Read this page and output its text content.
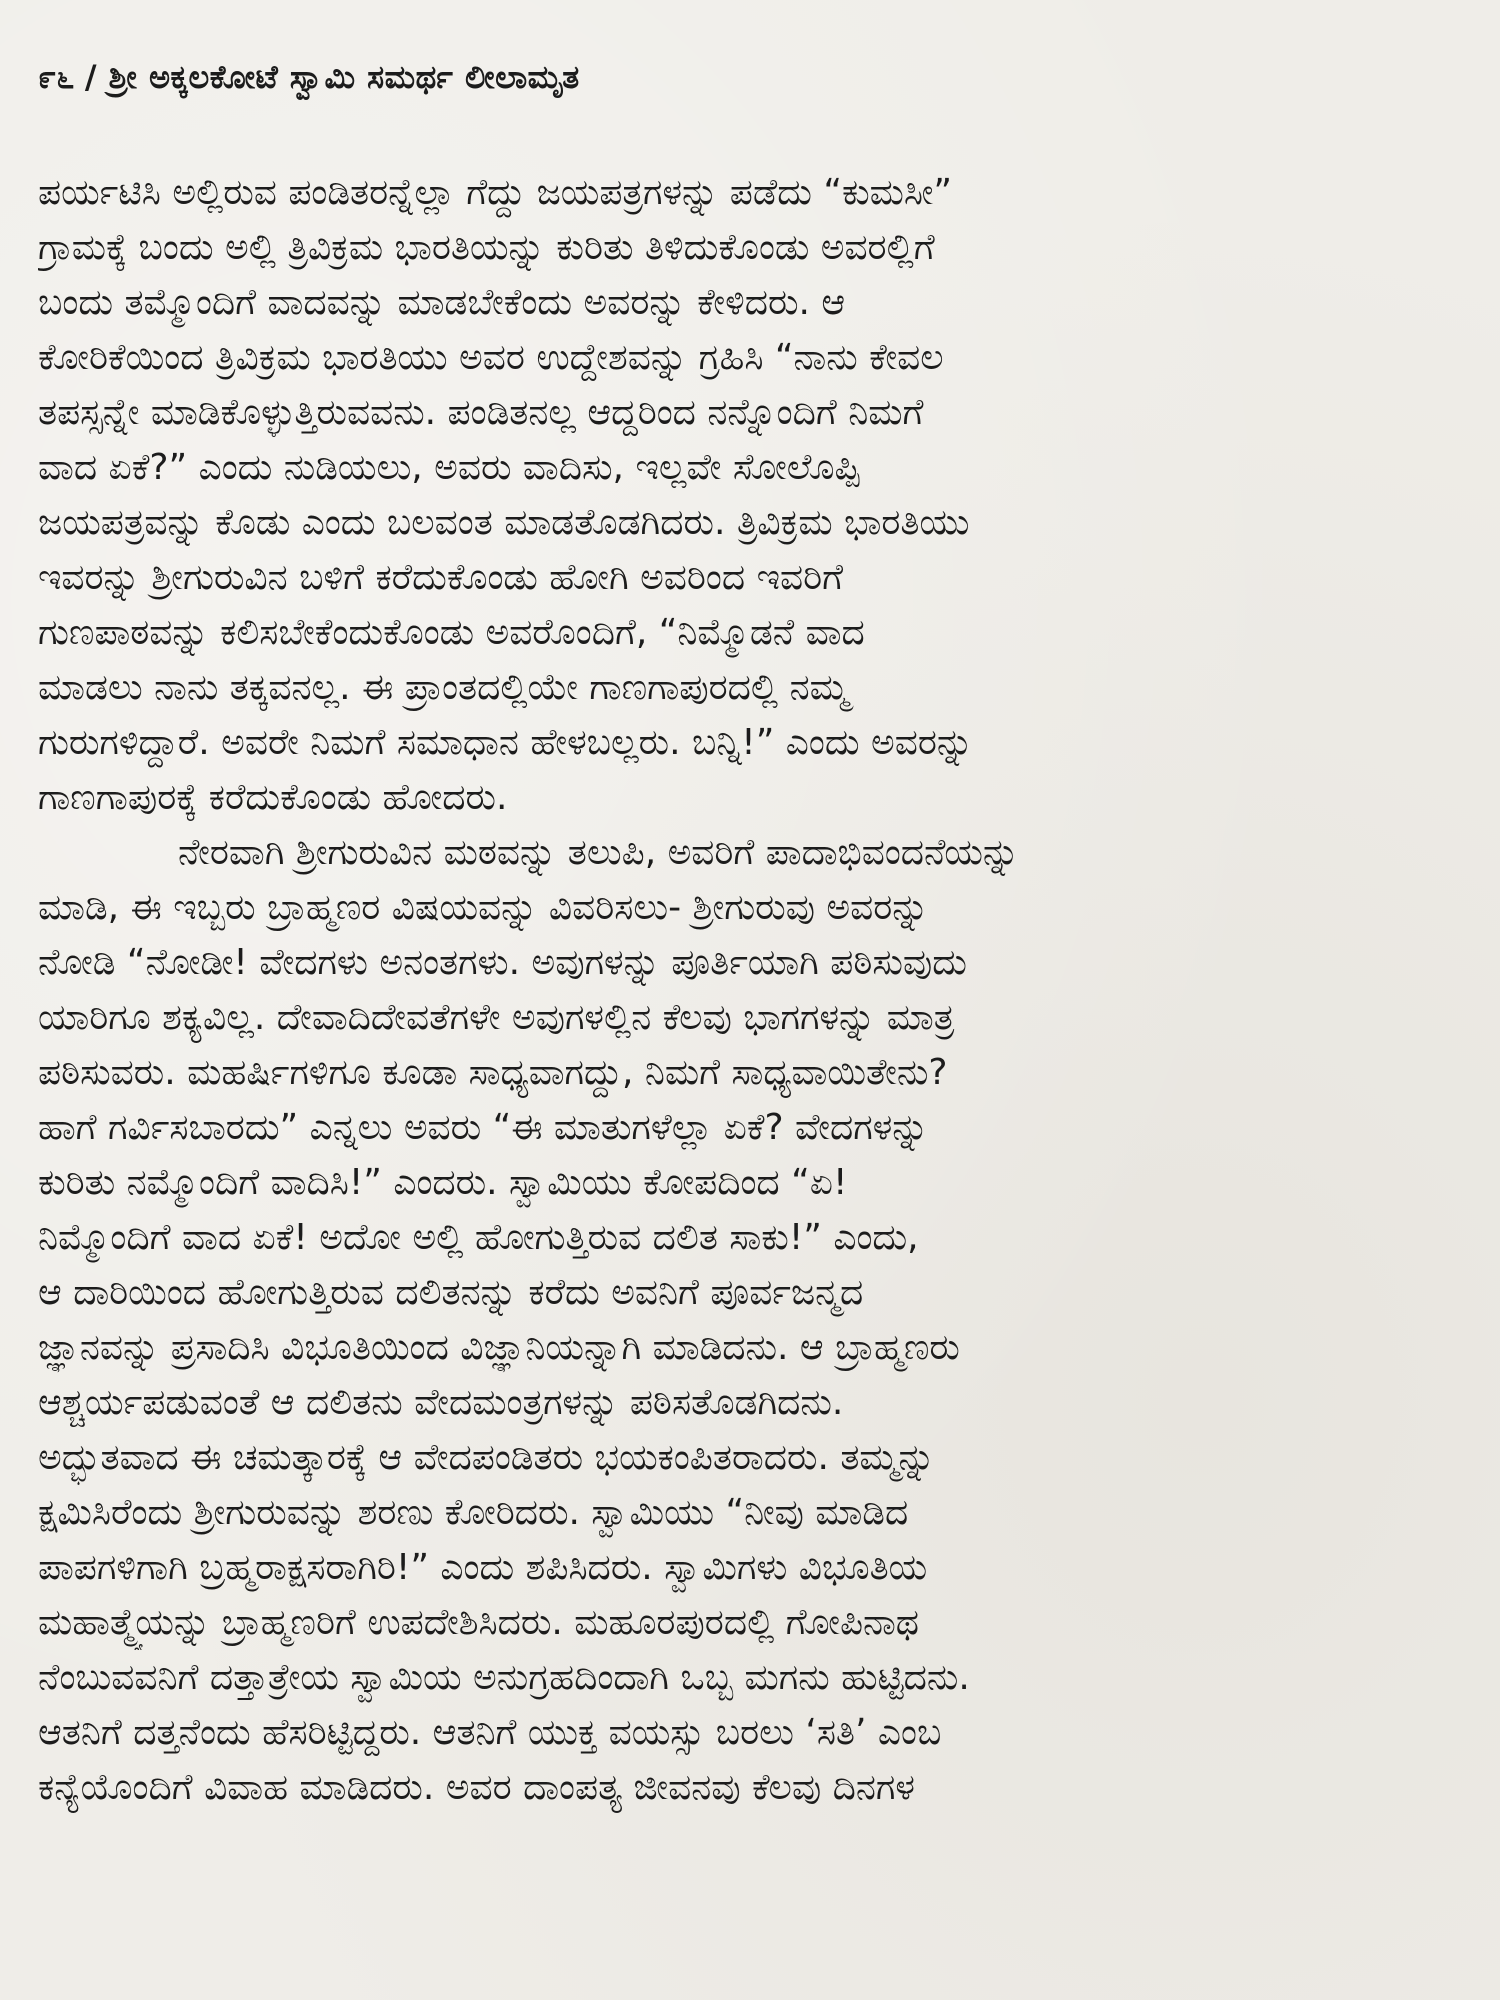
೯೬ / ಶ್ರೀ ಅಕ್ಕಲಕೋಟೆ ಸ್ವಾಮಿ ಸಮರ್ಥ ಲೀಲಾಮೃತ
ಪರ್ಯಟಿಸಿ ಅಲ್ಲಿರುವ ಪಂಡಿತರನ್ನೆಲ್ಲಾ ಗೆದ್ದು ಜಯಪತ್ರಗಳನ್ನು ಪಡೆದು “ಕುಮಸೀ”
ಗ್ರಾಮಕ್ಕೆ ಬಂದು ಅಲ್ಲಿ ತ್ರಿವಿಕ್ರಮ ಭಾರತಿಯನ್ನು ಕುರಿತು ತಿಳಿದುಕೊಂಡು ಅವರಲ್ಲಿಗೆ
ಬಂದು ತಮ್ಮೊಂದಿಗೆ ವಾದವನ್ನು ಮಾಡಬೇಕೆಂದು ಅವರನ್ನು ಕೇಳಿದರು. ಆ
ಕೋರಿಕೆಯಿಂದ ತ್ರಿವಿಕ್ರಮ ಭಾರತಿಯು ಅವರ ಉದ್ದೇಶವನ್ನು ಗ್ರಹಿಸಿ “ನಾನು ಕೇವಲ
ತಪಸ್ಸನ್ನೇ ಮಾಡಿಕೊಳ್ಳುತ್ತಿರುವವನು. ಪಂಡಿತನಲ್ಲ ಆದ್ದರಿಂದ ನನ್ನೊಂದಿಗೆ ನಿಮಗೆ
ವಾದ ಏಕೆ?” ಎಂದು ನುಡಿಯಲು, ಅವರು ವಾದಿಸು, ಇಲ್ಲವೇ ಸೋಲೊಪ್ಪಿ
ಜಯಪತ್ರವನ್ನು ಕೊಡು ಎಂದು ಬಲವಂತ ಮಾಡತೊಡಗಿದರು. ತ್ರಿವಿಕ್ರಮ ಭಾರತಿಯು
ಇವರನ್ನು ಶ್ರೀಗುರುವಿನ ಬಳಿಗೆ ಕರೆದುಕೊಂಡು ಹೋಗಿ ಅವರಿಂದ ಇವರಿಗೆ
ಗುಣಪಾಠವನ್ನು ಕಲಿಸಬೇಕೆಂದುಕೊಂಡು ಅವರೊಂದಿಗೆ, “ನಿಮ್ಮೊಡನೆ ವಾದ
ಮಾಡಲು ನಾನು ತಕ್ಕವನಲ್ಲ. ಈ ಪ್ರಾಂತದಲ್ಲಿಯೇ ಗಾಣಗಾಪುರದಲ್ಲಿ ನಮ್ಮ
ಗುರುಗಳಿದ್ದಾರೆ. ಅವರೇ ನಿಮಗೆ ಸಮಾಧಾನ ಹೇಳಬಲ್ಲರು. ಬನ್ನಿ!” ಎಂದು ಅವರನ್ನು
ಗಾಣಗಾಪುರಕ್ಕೆ ಕರೆದುಕೊಂಡು ಹೋದರು.
ನೇರವಾಗಿ ಶ್ರೀಗುರುವಿನ ಮಠವನ್ನು ತಲುಪಿ, ಅವರಿಗೆ ಪಾದಾಭಿವಂದನೆಯನ್ನು
ಮಾಡಿ, ಈ ಇಬ್ಬರು ಬ್ರಾಹ್ಮಣರ ವಿಷಯವನ್ನು ವಿವರಿಸಲು- ಶ್ರೀಗುರುವು ಅವರನ್ನು
ನೋಡಿ “ನೋಡೀ! ವೇದಗಳು ಅನಂತಗಳು. ಅವುಗಳನ್ನು ಪೂರ್ತಿಯಾಗಿ ಪಠಿಸುವುದು
ಯಾರಿಗೂ ಶಕ್ಯವಿಲ್ಲ. ದೇವಾದಿದೇವತೆಗಳೇ ಅವುಗಳಲ್ಲಿನ ಕೆಲವು ಭಾಗಗಳನ್ನು ಮಾತ್ರ
ಪಠಿಸುವರು. ಮಹರ್ಷಿಗಳಿಗೂ ಕೂಡಾ ಸಾಧ್ಯವಾಗದ್ದು, ನಿಮಗೆ ಸಾಧ್ಯವಾಯಿತೇನು?
ಹಾಗೆ ಗರ್ವಿಸಬಾರದು” ಎನ್ನಲು ಅವರು “ಈ ಮಾತುಗಳೆಲ್ಲಾ ಏಕೆ? ವೇದಗಳನ್ನು
ಕುರಿತು ನಮ್ಮೊಂದಿಗೆ ವಾದಿಸಿ!” ಎಂದರು. ಸ್ವಾಮಿಯು ಕೋಪದಿಂದ “ಏ!
ನಿಮ್ಮೊಂದಿಗೆ ವಾದ ಏಕೆ! ಅದೋ ಅಲ್ಲಿ ಹೋಗುತ್ತಿರುವ ದಲಿತ ಸಾಕು!” ಎಂದು,
ಆ ದಾರಿಯಿಂದ ಹೋಗುತ್ತಿರುವ ದಲಿತನನ್ನು ಕರೆದು ಅವನಿಗೆ ಪೂರ್ವಜನ್ಮದ
ಜ್ಞಾನವನ್ನು ಪ್ರಸಾದಿಸಿ ವಿಭೂತಿಯಿಂದ ವಿಜ್ಞಾನಿಯನ್ನಾಗಿ ಮಾಡಿದನು. ಆ ಬ್ರಾಹ್ಮಣರು
ಆಶ್ಚರ್ಯಪಡುವಂತೆ ಆ ದಲಿತನು ವೇದಮಂತ್ರಗಳನ್ನು ಪಠಿಸತೊಡಗಿದನು.
ಅದ್ಭುತವಾದ ಈ ಚಮತ್ಕಾರಕ್ಕೆ ಆ ವೇದಪಂಡಿತರು ಭಯಕಂಪಿತರಾದರು. ತಮ್ಮನ್ನು
ಕ್ಷಮಿಸಿರೆಂದು ಶ್ರೀಗುರುವನ್ನು ಶರಣು ಕೋರಿದರು. ಸ್ವಾಮಿಯು “ನೀವು ಮಾಡಿದ
ಪಾಪಗಳಿಗಾಗಿ ಬ್ರಹ್ಮರಾಕ್ಷಸರಾಗಿರಿ!” ಎಂದು ಶಪಿಸಿದರು. ಸ್ವಾಮಿಗಳು ವಿಭೂತಿಯ
ಮಹಾತ್ಮ್ಯೆಯನ್ನು ಬ್ರಾಹ್ಮಣರಿಗೆ ಉಪದೇಶಿಸಿದರು. ಮಹೂರಪುರದಲ್ಲಿ ಗೋಪಿನಾಥ
ನೆಂಬುವವನಿಗೆ ದತ್ತಾತ್ರೇಯ ಸ್ವಾಮಿಯ ಅನುಗ್ರಹದಿಂದಾಗಿ ಒಬ್ಬ ಮಗನು ಹುಟ್ಟಿದನು.
ಆತನಿಗೆ ದತ್ತನೆಂದು ಹೆಸರಿಟ್ಟಿದ್ದರು. ಆತನಿಗೆ ಯುಕ್ತ ವಯಸ್ಸು ಬರಲು ‘ಸತಿ’ ಎಂಬ
ಕನ್ಯೆಯೊಂದಿಗೆ ವಿವಾಹ ಮಾಡಿದರು. ಅವರ ದಾಂಪತ್ಯ ಜೀವನವು ಕೆಲವು ದಿನಗಳ
